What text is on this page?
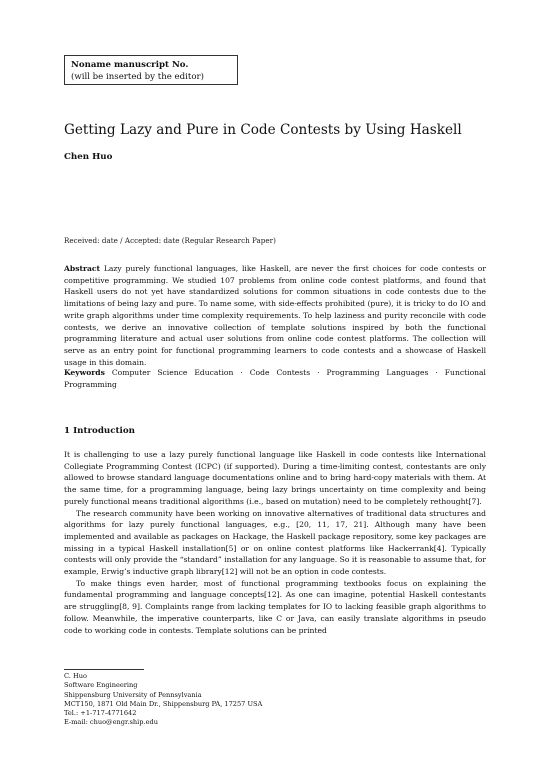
Noname manuscript No.
(will be inserted by the editor)
Getting Lazy and Pure in Code Contests by Using Haskell
Chen Huo
Received: date / Accepted: date (Regular Research Paper)
Abstract Lazy purely functional languages, like Haskell, are never the first choices for code contests or competitive programming. We studied 107 problems from online code contest platforms, and found that Haskell users do not yet have standardized solutions for common situations in code contests due to the limitations of being lazy and pure. To name some, with side-effects prohibited (pure), it is tricky to do IO and write graph algorithms under time complexity requirements. To help laziness and purity reconcile with code contests, we derive an innovative collection of template solutions inspired by both the functional programming literature and actual user solutions from online code contest platforms. The collection will serve as an entry point for functional programming learners to code contests and a showcase of Haskell usage in this domain.
Keywords Computer Science Education · Code Contests · Programming Languages · Functional Programming
1 Introduction

It is challenging to use a lazy purely functional language like Haskell in code contests like International Collegiate Programming Contest (ICPC) (if supported). During a time-limiting contest, contestants are only allowed to browse standard language documentations online and to bring hard-copy materials with them. At the same time, for a programming language, being lazy brings uncertainty on time complexity and being purely functional means traditional algorithms (i.e., based on mutation) need to be completely rethought[7].

The research community have been working on innovative alternatives of traditional data structures and algorithms for lazy purely functional languages, e.g., [20, 11, 17, 21]. Although many have been implemented and available as packages on Hackage, the Haskell package repository, some key packages are missing in a typical Haskell installation[5] or on online contest platforms like Hackerrank[4]. Typically contests will only provide the “standard” installation for any language. So it is reasonable to assume that, for example, Erwig’s inductive graph library[12] will not be an option in code contests.

To make things even harder, most of functional programming textbooks focus on explaining the fundamental programming and language concepts[12]. As one can imagine, potential Haskell contestants are struggling[8, 9]. Complaints range from lacking templates for IO to lacking feasible graph algorithms to follow. Meanwhile, the imperative counterparts, like C or Java, can easily translate algorithms in pseudo code to working code in contests. Template solutions can be printed

C. Huo
Software Engineering
Shippensburg University of Pennsylvania
MCT150, 1871 Old Main Dr., Shippensburg PA, 17257 USA
Tel.: +1-717-4771642
E-mail: chuo@engr.ship.edu
